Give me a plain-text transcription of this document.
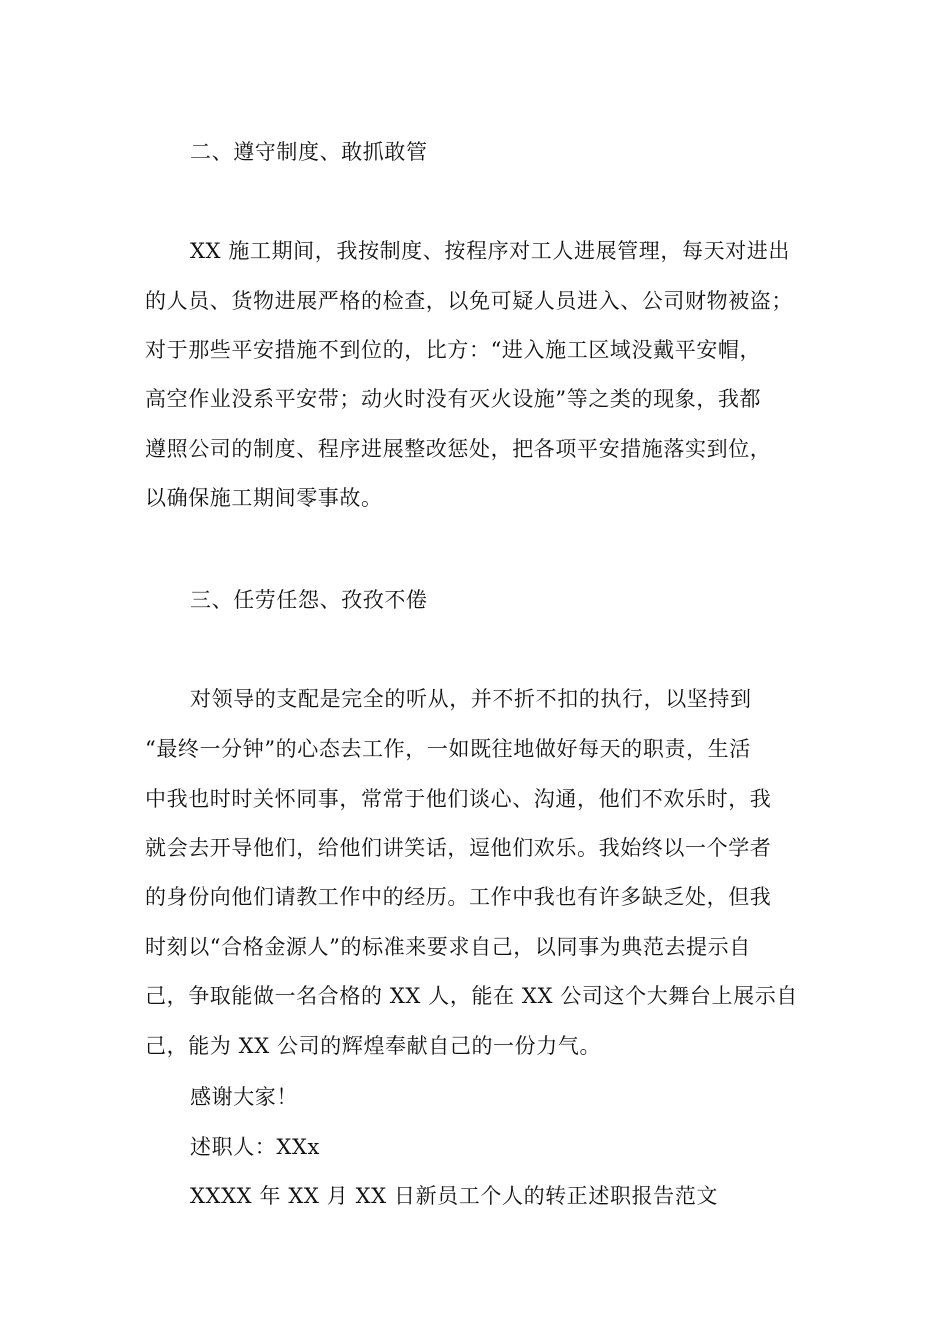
二、遵守制度、敢抓敢管
XX 施工期间，我按制度、按程序对工人进展管理，每天对进出
的人员、货物进展严格的检查，以免可疑人员进入、公司财物被盗；
对于那些平安措施不到位的，比方：“进入施工区域没戴平安帽，
高空作业没系平安带；动火时没有灭火设施”等之类的现象，我都
遵照公司的制度、程序进展整改惩处，把各项平安措施落实到位，
以确保施工期间零事故。
三、任劳任怨、孜孜不倦
对领导的支配是完全的听从，并不折不扣的执行，以坚持到
“最终一分钟”的心态去工作，一如既往地做好每天的职责，生活
中我也时时关怀同事，常常于他们谈心、沟通，他们不欢乐时，我
就会去开导他们，给他们讲笑话，逗他们欢乐。我始终以一个学者
的身份向他们请教工作中的经历。工作中我也有许多缺乏处，但我
时刻以“合格金源人”的标准来要求自己，以同事为典范去提示自
己，争取能做一名合格的 XX 人，能在 XX 公司这个大舞台上展示自
己，能为 XX 公司的辉煌奉献自己的一份力气。
感谢大家！
述职人：XXx
XXXX 年 XX 月 XX 日新员工个人的转正述职报告范文
